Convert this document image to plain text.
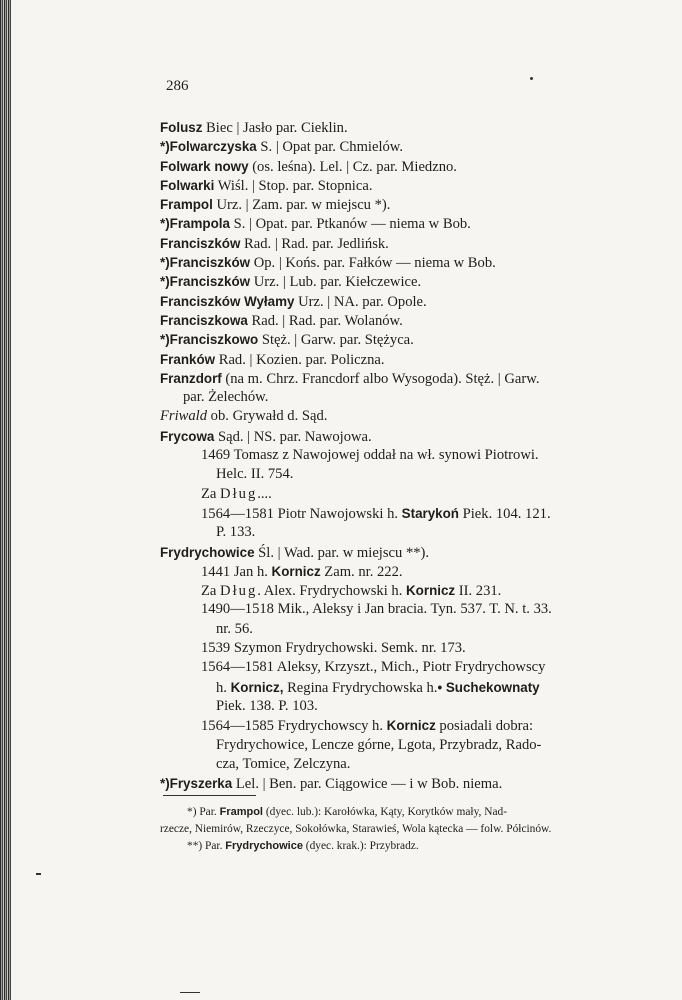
286
Folusz Biec | Jasło par. Cieklin.
*)Folwarczyska S. | Opat par. Chmielów.
Folwark nowy (os. leśna). Lel. | Cz. par. Miedzno.
Folwarki Wiśl. | Stop. par. Stopnica.
Frampol Urz. | Zam. par. w miejscu *).
*)Frampola S. | Opat. par. Ptkanów — niema w Bob.
Franciszków Rad. | Rad. par. Jedlińsk.
*)Franciszków Op. | Końs. par. Fałków — niema w Bob.
*)Franciszków Urz. | Lub. par. Kiełczewice.
Franciszków Wyłamy Urz. | NA. par. Opole.
Franciszkowa Rad. | Rad. par. Wolanów.
*)Franciszkowo Stęż. | Garw. par. Stężyca.
Franków Rad. | Kozien. par. Policzna.
Franzdorf (na m. Chrz. Francdorf albo Wysogoda). Stęż. | Garw.
par. Żelechów.
Friwald ob. Grywałd d. Sąd.
Frycowa Sąd. | NS. par. Nawojowa.
1469 Tomasz z Nawojowej oddał na wł. synowi Piotrowi.
Helc. II. 754.
Za Dług....
1564—1581 Piotr Nawojowski h. Starykoń Piek. 104. 121.
P. 133.
Frydrychowice Śl. | Wad. par. w miejscu **).
1441 Jan h. Kornicz Zam. nr. 222.
Za Dług. Alex. Frydrychowski h. Kornicz II. 231.
1490—1518 Mik., Aleksy i Jan bracia. Tyn. 537. T. N. t. 33.
nr. 56.
1539 Szymon Frydrychowski. Semk. nr. 173.
1564—1581 Aleksy, Krzyszt., Mich., Piotr Frydrychowscy
h. Kornicz, Regina Frydrychowska h.• Suchekownaty
Piek. 138. P. 103.
1564—1585 Frydrychowscy h. Kornicz posiadali dobra:
Frydrychowice, Lencze górne, Lgota, Przybradz, Rado-
cza, Tomice, Zelczyna.
*)Fryszerka Lel. | Ben. par. Ciągowice — i w Bob. niema.
*) Par. Frampol (dyec. lub.): Karołówka, Kąty, Korytków mały, Nad-
rzecze, Niemirów, Rzeczyce, Sokołówka, Starawieś, Wola kątecka — folw. Półcinów.
**) Par. Frydrychowice (dyec. krak.): Przybradz.
